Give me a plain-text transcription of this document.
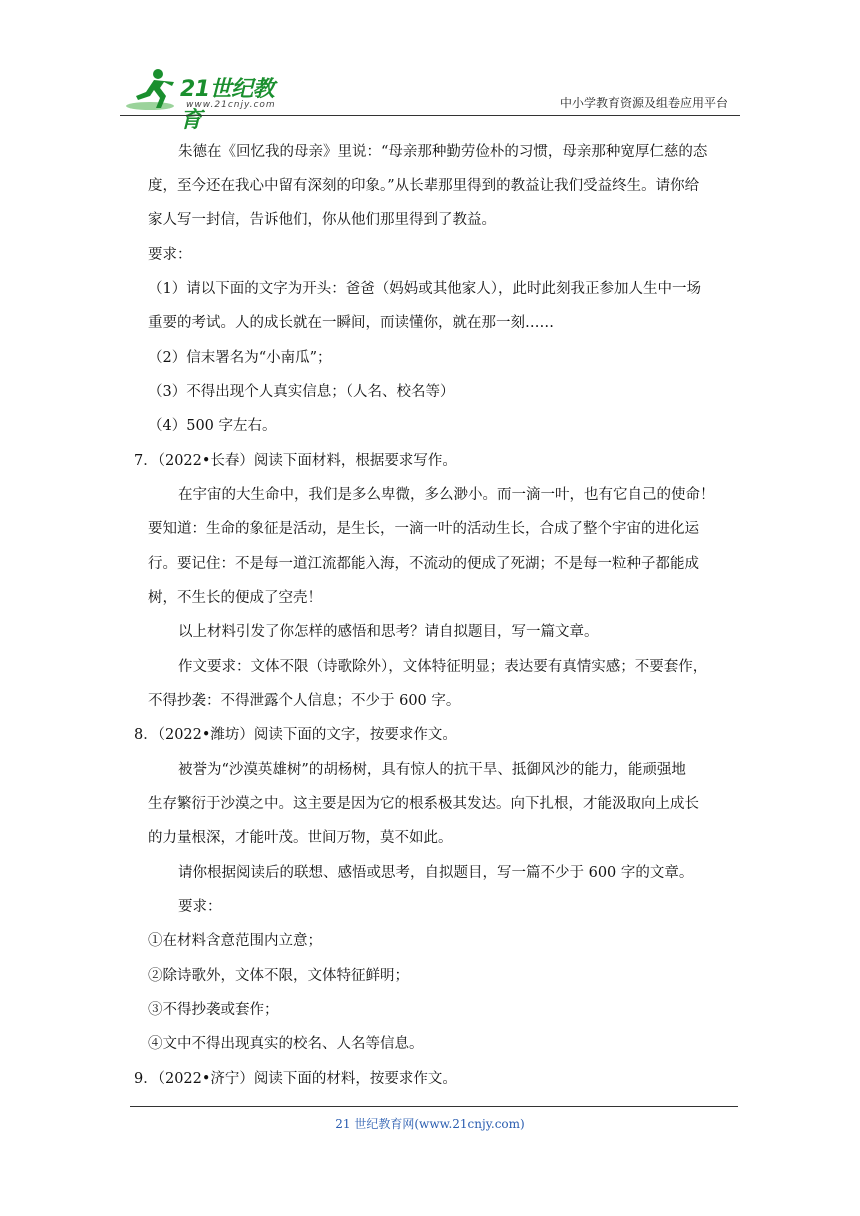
21世纪教育
www.21cnjy.com	中小学教育资源及组卷应用平台
朱德在《回忆我的母亲》里说：“母亲那种勤劳俭朴的习惯，母亲那种宽厚仁慈的态
度，至今还在我心中留有深刻的印象。”从长辈那里得到的教益让我们受益终生。请你给
家人写一封信，告诉他们，你从他们那里得到了教益。
要求：
（1）请以下面的文字为开头：爸爸（妈妈或其他家人），此时此刻我正参加人生中一场
重要的考试。人的成长就在一瞬间，而读懂你，就在那一刻……
（2）信末署名为“小南瓜”；
（3）不得出现个人真实信息；（人名、校名等）
（4）500 字左右。
7．（2022•长春）阅读下面材料，根据要求写作。
在宇宙的大生命中，我们是多么卑微，多么渺小。而一滴一叶，也有它自己的使命！
要知道：生命的象征是活动，是生长，一滴一叶的活动生长，合成了整个宇宙的进化运
行。要记住：不是每一道江流都能入海，不流动的便成了死湖；不是每一粒种子都能成
树，不生长的便成了空壳！
以上材料引发了你怎样的感悟和思考？请自拟题目，写一篇文章。
作文要求：文体不限（诗歌除外），文体特征明显；表达要有真情实感；不要套作，
不得抄袭：不得泄露个人信息；不少于 600 字。
8．（2022•潍坊）阅读下面的文字，按要求作文。
被誉为“沙漠英雄树”的胡杨树，具有惊人的抗干旱、抵御风沙的能力，能顽强地
生存繁衍于沙漠之中。这主要是因为它的根系极其发达。向下扎根，才能汲取向上成长
的力量根深，才能叶茂。世间万物，莫不如此。
请你根据阅读后的联想、感悟或思考，自拟题目，写一篇不少于 600 字的文章。
要求：
①在材料含意范围内立意；
②除诗歌外，文体不限，文体特征鲜明；
③不得抄袭或套作；
④文中不得出现真实的校名、人名等信息。
9．（2022•济宁）阅读下面的材料，按要求作文。
21 世纪教育网(www.21cnjy.com)
